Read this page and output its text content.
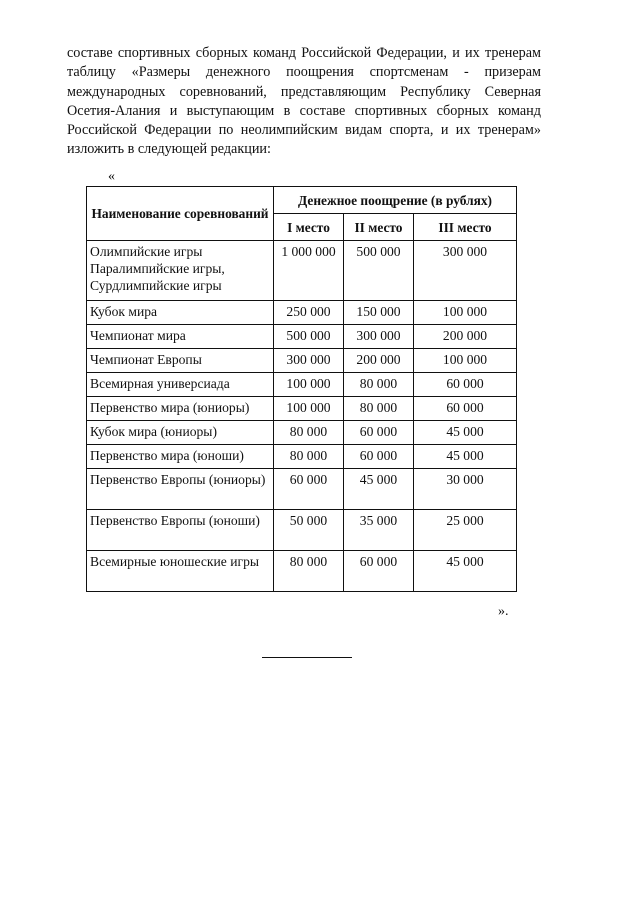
составе спортивных сборных команд Российской Федерации, и их тренерам таблицу «Размеры денежного поощрения спортсменам - призерам международных соревнований, представляющим Республику Северная Осетия-Алания и выступающим в составе спортивных сборных команд Российской Федерации по неолимпийским видам спорта, и их тренерам» изложить в следующей редакции:

«

Наименование соревнований	Денежное поощрение (в рублях)		
	I место	II место	III место
Олимпийские игры Паралимпийские игры, Сурдлимпийские игры	1 000 000	500 000	300 000
Кубок мира	250 000	150 000	100 000
Чемпионат мира	500 000	300 000	200 000
Чемпионат Европы	300 000	200 000	100 000
Всемирная универсиада	100 000	80 000	60 000
Первенство мира (юниоры)	100 000	80 000	60 000
Кубок мира (юниоры)	80 000	60 000	45 000
Первенство мира (юноши)	80 000	60 000	45 000
Первенство Европы (юниоры)	60 000	45 000	30 000
Первенство Европы (юноши)	50 000	35 000	25 000
Всемирные юношеские игры	80 000	60 000	45 000

».
